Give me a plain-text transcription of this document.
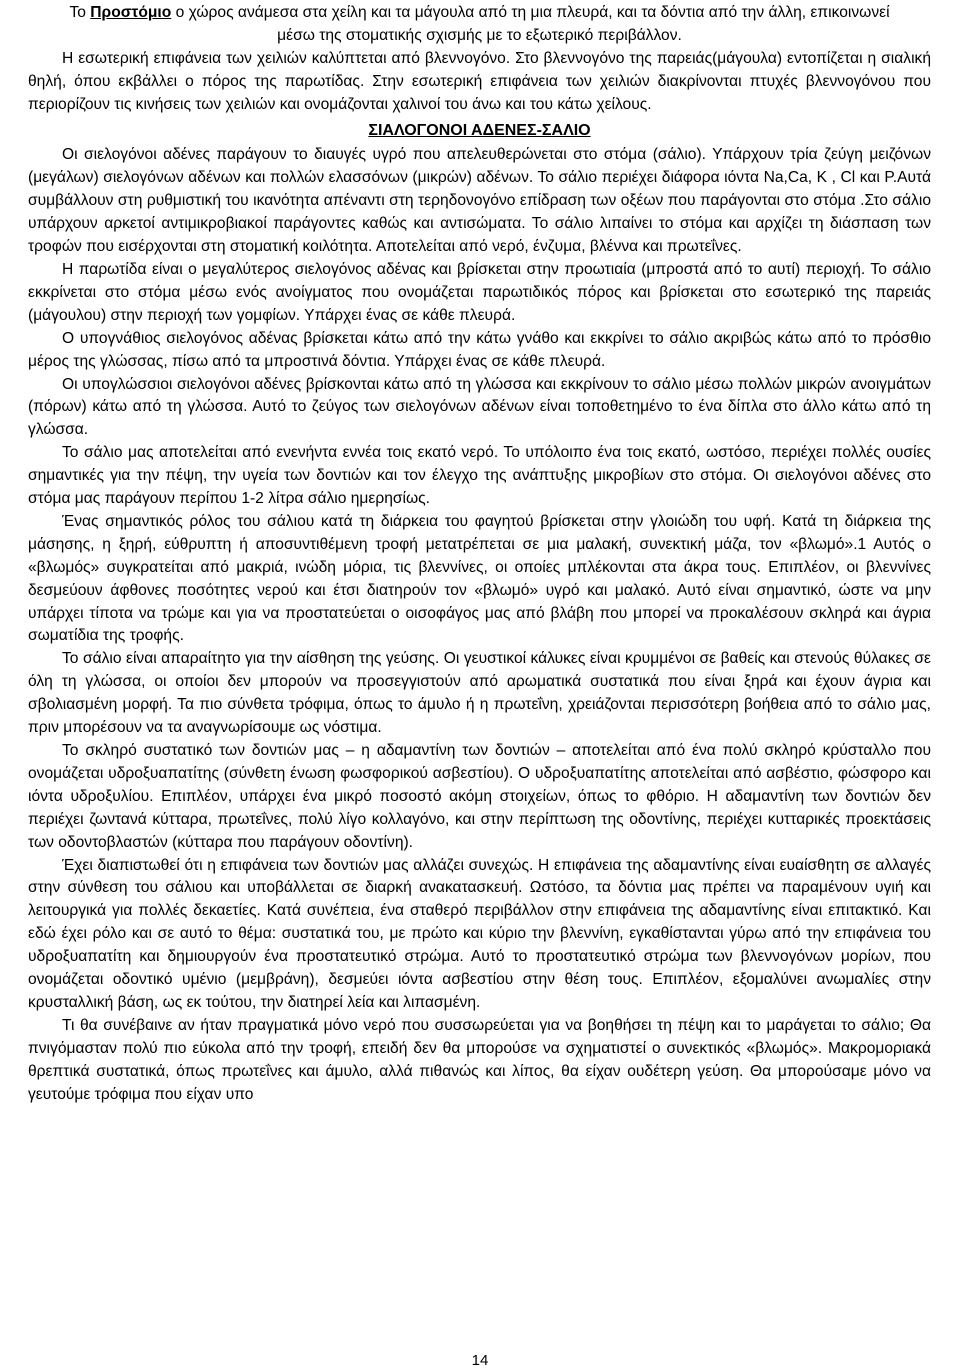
Το Προστόμιο ο χώρος ανάμεσα στα χείλη και τα μάγουλα από τη μια πλευρά, και τα δόντια από την άλλη, επικοινωνεί μέσω της στοματικής σχισμής με το εξωτερικό περιβάλλον.

Η εσωτερική επιφάνεια των χειλιών καλύπτεται από βλεννογόνο. Στο βλεννογόνο της παρειάς(μάγουλα) εντοπίζεται η σιαλική θηλή, όπου εκβάλλει ο πόρος της παρωτίδας. Στην εσωτερική επιφάνεια των χειλιών διακρίνονται πτυχές βλεννογόνου που περιορίζουν τις κινήσεις των χειλιών και ονομάζονται χαλινοί του άνω και του κάτω χείλους.

ΣΙΑΛΟΓΟΝΟΙ ΑΔΕΝΕΣ-ΣΑΛΙΟ

Οι σιελογόνοι αδένες παράγουν το διαυγές υγρό που απελευθερώνεται στο στόμα (σάλιο). Υπάρχουν τρία ζεύγη μειζόνων (μεγάλων) σιελογόνων αδένων και πολλών ελασσόνων (μικρών) αδένων. Το σάλιο περιέχει διάφορα ιόντα Na,Ca, K , Cl και P.Αυτά συμβάλλουν στη ρυθμιστική του ικανότητα απέναντι στη τερηδονογόνο επίδραση των οξέων που παράγονται στο στόμα .Στο σάλιο υπάρχουν αρκετοί αντιμικροβιακοί παράγοντες καθώς και αντισώματα. Το σάλιο λιπαίνει το στόμα και αρχίζει τη διάσπαση των τροφών που εισέρχονται στη στοματική κοιλότητα. Αποτελείται από νερό, ένζυμα, βλέννα και πρωτεΐνες.

Η παρωτίδα είναι ο μεγαλύτερος σιελογόνος αδένας και βρίσκεται στην προωτιαία (μπροστά από το αυτί) περιοχή. Το σάλιο εκκρίνεται στο στόμα μέσω ενός ανοίγματος που ονομάζεται παρωτιδικός πόρος και βρίσκεται στο εσωτερικό της παρειάς (μάγουλου) στην περιοχή των γομφίων. Υπάρχει ένας σε κάθε πλευρά.

Ο υπογνάθιος σιελογόνος αδένας βρίσκεται κάτω από την κάτω γνάθο και εκκρίνει το σάλιο ακριβώς κάτω από το πρόσθιο μέρος της γλώσσας, πίσω από τα μπροστινά δόντια. Υπάρχει ένας σε κάθε πλευρά.

Οι υπογλώσσιοι σιελογόνοι αδένες βρίσκονται κάτω από τη γλώσσα και εκκρίνουν το σάλιο μέσω πολλών μικρών ανοιγμάτων (πόρων) κάτω από τη γλώσσα. Αυτό το ζεύγος των σιελογόνων αδένων είναι τοποθετημένο το ένα δίπλα στο άλλο κάτω από τη γλώσσα.

Το σάλιο μας αποτελείται από ενενήντα εννέα τοις εκατό νερό. Το υπόλοιπο ένα τοις εκατό, ωστόσο, περιέχει πολλές ουσίες σημαντικές για την πέψη, την υγεία των δοντιών και τον έλεγχο της ανάπτυξης μικροβίων στο στόμα. Οι σιελογόνοι αδένες στο στόμα μας παράγουν περίπου 1-2 λίτρα σάλιο ημερησίως.

Ένας σημαντικός ρόλος του σάλιου κατά τη διάρκεια του φαγητού βρίσκεται στην γλοιώδη του υφή. Κατά τη διάρκεια της μάσησης, η ξηρή, εύθρυπτη ή αποσυντιθέμενη τροφή μετατρέπεται σε μια μαλακή, συνεκτική μάζα, τον «βλωμό».1 Αυτός ο «βλωμός» συγκρατείται από μακριά, ινώδη μόρια, τις βλεννίνες, οι οποίες μπλέκονται στα άκρα τους. Επιπλέον, οι βλεννίνες δεσμεύουν άφθονες ποσότητες νερού και έτσι διατηρούν τον «βλωμό» υγρό και μαλακό. Αυτό είναι σημαντικό, ώστε να μην υπάρχει τίποτα να τρώμε και για να προστατεύεται ο οισοφάγος μας από βλάβη που μπορεί να προκαλέσουν σκληρά και άγρια σωματίδια της τροφής.

Το σάλιο είναι απαραίτητο για την αίσθηση της γεύσης. Οι γευστικοί κάλυκες είναι κρυμμένοι σε βαθείς και στενούς θύλακες σε όλη τη γλώσσα, οι οποίοι δεν μπορούν να προσεγγιστούν από αρωματικά συστατικά που είναι ξηρά και έχουν άγρια και σβολιασμένη μορφή. Τα πιο σύνθετα τρόφιμα, όπως το άμυλο ή η πρωτεΐνη, χρειάζονται περισσότερη βοήθεια από το σάλιο μας, πριν μπορέσουν να τα αναγνωρίσουμε ως νόστιμα.

Το σκληρό συστατικό των δοντιών μας – η αδαμαντίνη των δοντιών – αποτελείται από ένα πολύ σκληρό κρύσταλλο που ονομάζεται υδροξυαπατίτης (σύνθετη ένωση φωσφορικού ασβεστίου). Ο υδροξυαπατίτης αποτελείται από ασβέστιο, φώσφορο και ιόντα υδροξυλίου. Επιπλέον, υπάρχει ένα μικρό ποσοστό ακόμη στοιχείων, όπως το φθόριο. Η αδαμαντίνη των δοντιών δεν περιέχει ζωντανά κύτταρα, πρωτεΐνες, πολύ λίγο κολλαγόνο, και στην περίπτωση της οδοντίνης, περιέχει κυτταρικές προεκτάσεις των οδοντοβλαστών (κύτταρα που παράγουν οδοντίνη).

Έχει διαπιστωθεί ότι η επιφάνεια των δοντιών μας αλλάζει συνεχώς. Η επιφάνεια της αδαμαντίνης είναι ευαίσθητη σε αλλαγές στην σύνθεση του σάλιου και υποβάλλεται σε διαρκή ανακατασκευή. Ωστόσο, τα δόντια μας πρέπει να παραμένουν υγιή και λειτουργικά για πολλές δεκαετίες. Κατά συνέπεια, ένα σταθερό περιβάλλον στην επιφάνεια της αδαμαντίνης είναι επιτακτικό. Και εδώ έχει ρόλο και σε αυτό το θέμα: συστατικά του, με πρώτο και κύριο την βλεννίνη, εγκαθίστανται γύρω από την επιφάνεια του υδροξυαπατίτη και δημιουργούν ένα προστατευτικό στρώμα. Αυτό το προστατευτικό στρώμα των βλεννογόνων μορίων, που ονομάζεται οδοντικό υμένιο (μεμβράνη), δεσμεύει ιόντα ασβεστίου στην θέση τους. Επιπλέον, εξομαλύνει ανωμαλίες στην κρυσταλλική βάση, ως εκ τούτου, την διατηρεί λεία και λιπασμένη.

Τι θα συνέβαινε αν ήταν πραγματικά μόνο νερό που συσσωρεύεται για να βοηθήσει τη πέψη και το μαράγεται το σάλιο; Θα πνιγόμασταν πολύ πιο εύκολα από την τροφή, επειδή δεν θα μπορούσε να σχηματιστεί ο συνεκτικός «βλωμός». Μακρομοριακά θρεπτικά συστατικά, όπως πρωτεΐνες και άμυλο, αλλά πιθανώς και λίπος, θα είχαν ουδέτερη γεύση. Θα μπορούσαμε μόνο να γευτούμε τρόφιμα που είχαν υπο

14
